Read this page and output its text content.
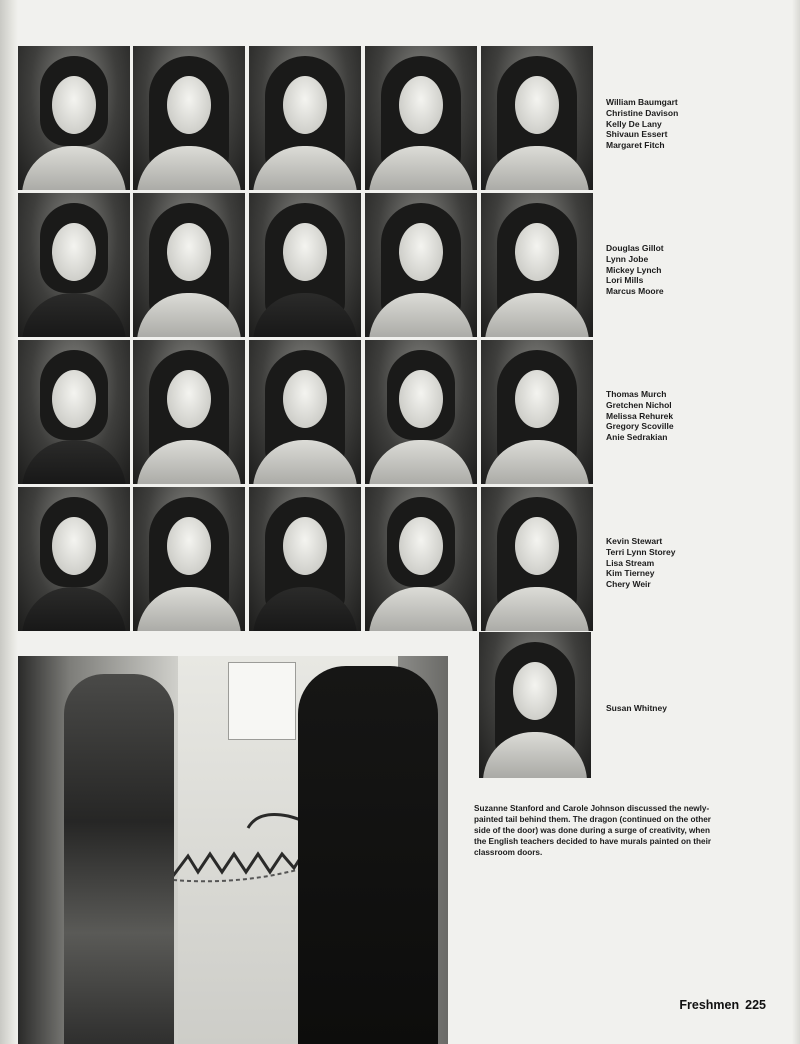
William Baumgart
Christine Davison
Kelly De Lany
Shivaun Essert
Margaret Fitch
Douglas Gillot
Lynn Jobe
Mickey Lynch
Lori Mills
Marcus Moore
Thomas Murch
Gretchen Nichol
Melissa Rehurek
Gregory Scoville
Anie Sedrakian
Kevin Stewart
Terri Lynn Storey
Lisa Stream
Kim Tierney
Chery Weir
Susan Whitney
Suzanne Stanford and Carole Johnson discussed the newly-painted tail behind them. The dragon (continued on the other side of the door) was done during a surge of creativity, when the English teachers decided to have murals painted on their classroom doors.
Freshmen 225
